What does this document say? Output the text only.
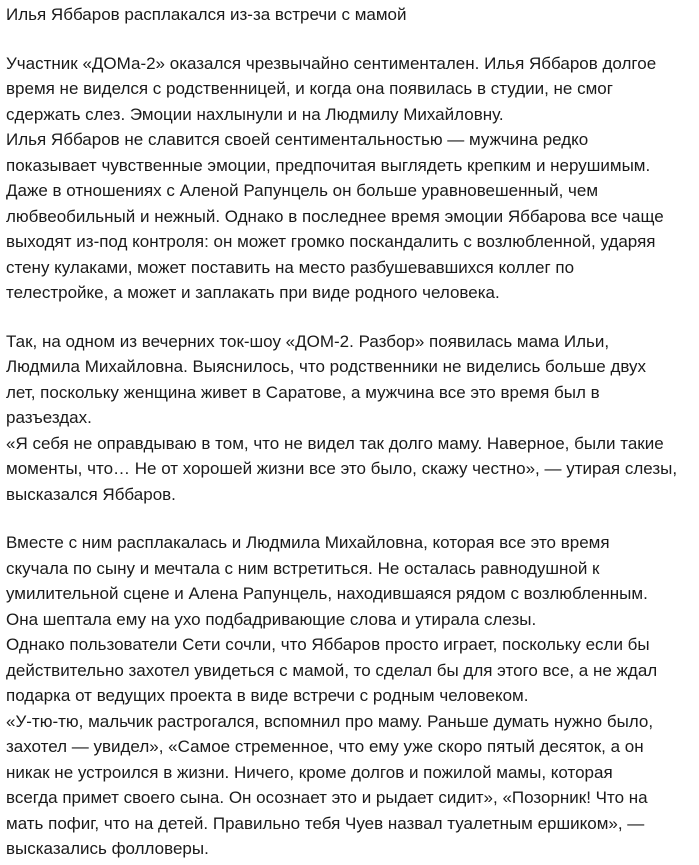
Илья Яббаров расплакался из-за встречи с мамой
Участник «ДОМа-2» оказался чрезвычайно сентиментален. Илья Яббаров долгое
время не виделся с родственницей, и когда она появилась в студии, не смог
сдержать слез. Эмоции нахлынули и на Людмилу Михайловну.
Илья Яббаров не славится своей сентиментальностью — мужчина редко
показывает чувственные эмоции, предпочитая выглядеть крепким и нерушимым.
Даже в отношениях с Аленой Рапунцель он больше уравновешенный, чем
любвеобильный и нежный. Однако в последнее время эмоции Яббарова все чаще
выходят из-под контроля: он может громко поскандалить с возлюбленной, ударяя
стену кулаками, может поставить на место разбушевавшихся коллег по
телестройке, а может и заплакать при виде родного человека.
Так, на одном из вечерних ток-шоу «ДОМ-2. Разбор» появилась мама Ильи,
Людмила Михайловна. Выяснилось, что родственники не виделись больше двух
лет, поскольку женщина живет в Саратове, а мужчина все это время был в
разъездах.
«Я себя не оправдываю в том, что не видел так долго маму. Наверное, были такие
моменты, что… Не от хорошей жизни все это было, скажу честно», — утирая слезы,
высказался Яббаров.
Вместе с ним расплакалась и Людмила Михайловна, которая все это время
скучала по сыну и мечтала с ним встретиться. Не осталась равнодушной к
умилительной сцене и Алена Рапунцель, находившаяся рядом с возлюбленным.
Она шептала ему на ухо подбадривающие слова и утирала слезы.
Однако пользователи Сети сочли, что Яббаров просто играет, поскольку если бы
действительно захотел увидеться с мамой, то сделал бы для этого все, а не ждал
подарка от ведущих проекта в виде встречи с родным человеком.
«У-тю-тю, мальчик растрогался, вспомнил про маму. Раньше думать нужно было,
захотел — увидел», «Самое стременное, что ему уже скоро пятый десяток, а он
никак не устроился в жизни. Ничего, кроме долгов и пожилой мамы, которая
всегда примет своего сына. Он осознает это и рыдает сидит», «Позорник! Что на
мать пофиг, что на детей. Правильно тебя Чуев назвал туалетным ершиком», —
высказались фолловеры.
